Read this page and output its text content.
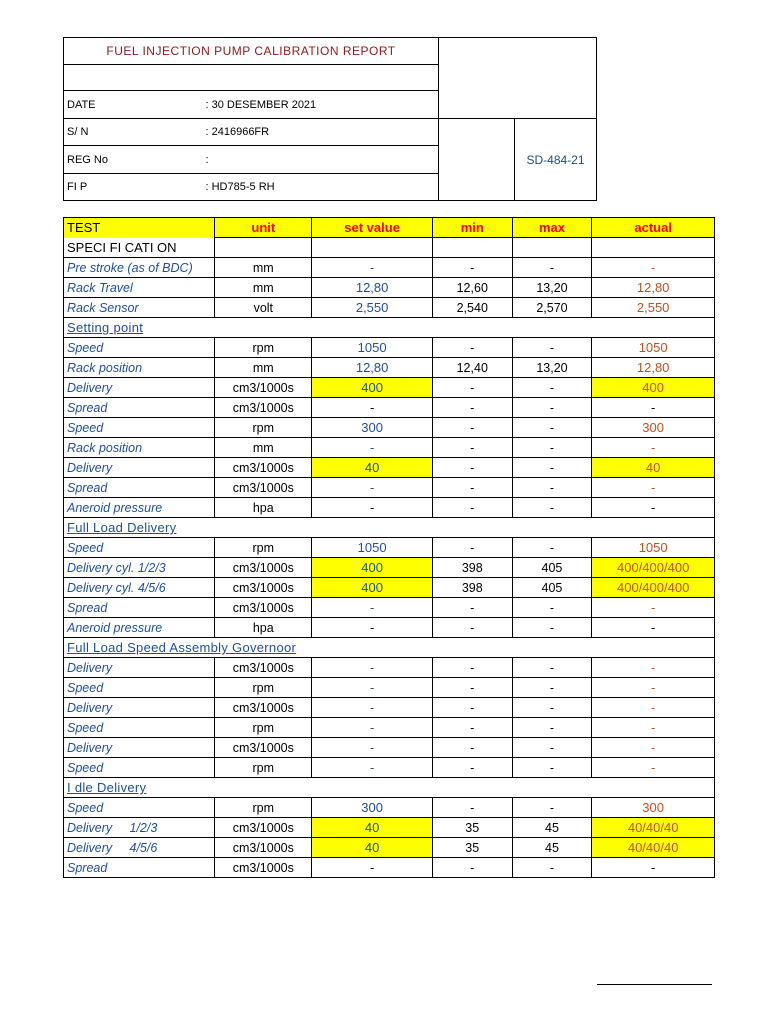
FUEL INJECTION PUMP CALIBRATION REPORT			

DATE	: 30 DESEMBER 2021		
S/ N	: 2416966FR		SD-484-21
REG No	:		
FI P	: HD785-5 RH		
TEST	unit	set value	min	max	actual
SPECI FI CATI ON					
Pre stroke (as of BDC)	mm	-	-	-	-
Rack Travel	mm	12,80	12,60	13,20	12,80
Rack Sensor	volt	2,550	2,540	2,570	2,550
Setting point					
Speed	rpm	1050	-	-	1050
Rack position	mm	12,80	12,40	13,20	12,80
Delivery	cm3/1000s	400	-	-	400
Spread	cm3/1000s	-	-	-	-
Speed	rpm	300	-	-	300
Rack position	mm	-	-	-	-
Delivery	cm3/1000s	40	-	-	40
Spread	cm3/1000s	-	-	-	-
Aneroid pressure	hpa	-	-	-	-
Full Load Delivery					
Speed	rpm	1050	-	-	1050
Delivery cyl. 1/2/3	cm3/1000s	400	398	405	400/400/400
Delivery cyl. 4/5/6	cm3/1000s	400	398	405	400/400/400
Spread	cm3/1000s	-	-	-	-
Aneroid pressure	hpa	-	-	-	-
Full Load Speed Assembly Governoor					
Delivery	cm3/1000s	-	-	-	-
Speed	rpm	-	-	-	-
Delivery	cm3/1000s	-	-	-	-
Speed	rpm	-	-	-	-
Delivery	cm3/1000s	-	-	-	-
Speed	rpm	-	-	-	-
I dle Delivery					
Speed	rpm	300	-	-	300
Delivery     1/2/3	cm3/1000s	40	35	45	40/40/40
Delivery     4/5/6	cm3/1000s	40	35	45	40/40/40
Spread	cm3/1000s	-	-	-	-
